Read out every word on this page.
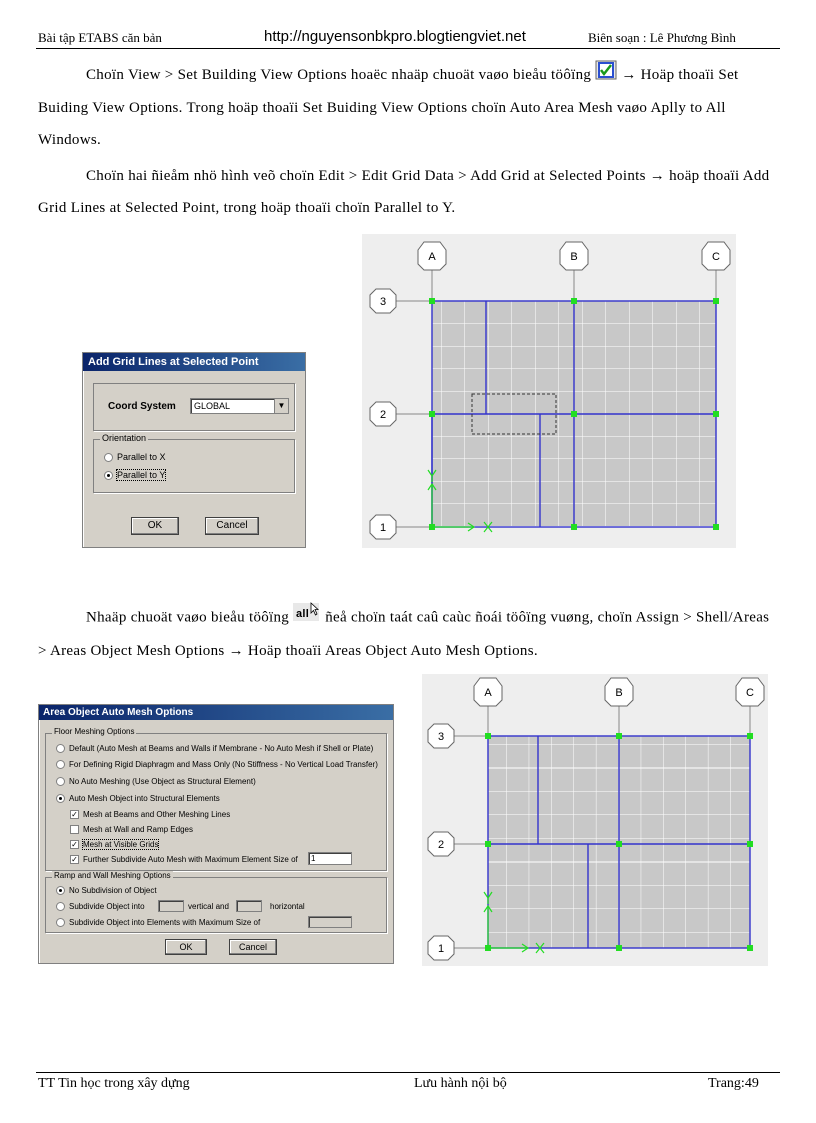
Bài tập ETABS căn bản	http://nguyensonbkpro.blogtiengviet.net	Biên soạn : Lê Phương Bình
Choïn View > Set Building View Options hoaëc nhaäp chuoät vaøo bieåu töôïng → Hoäp thoaïi Set Buiding View Options. Trong hoäp thoaïi Set Buiding View Options choïn Auto Area Mesh vaøo Aplly to All Windows.
Choïn hai ñieåm nhö hình veõ choïn Edit > Edit Grid Data > Add Grid at Selected Points → hoäp thoaïi Add Grid Lines at Selected Point, trong hoäp thoaïi choïn Parallel to Y.
Add Grid Lines at Selected Point
Coord System	GLOBAL	▼
Orientation
Parallel to X
Parallel to Y
OK	Cancel
A	B	C
3
2
1
Nhaäp chuoät vaøo bieåu töôïng all ñeå choïn taát caû caùc ñoái töôïng vuøng, choïn Assign > Shell/Areas > Areas Object Mesh Options → Hoäp thoaïi Areas Object Auto Mesh Options.
Area Object Auto Mesh Options
Floor Meshing Options
Default (Auto Mesh at Beams and Walls if Membrane - No Auto Mesh if Shell or Plate)
For Defining Rigid Diaphragm and Mass Only (No Stiffness - No Vertical Load Transfer)
No Auto Meshing (Use Object as Structural Element)
Auto Mesh Object into Structural Elements
✓ Mesh at Beams and Other Meshing Lines
Mesh at Wall and Ramp Edges
✓ Mesh at Visible Grids
✓ Further Subdivide Auto Mesh with Maximum Element Size of	1
Ramp and Wall Meshing Options
No Subdivision of Object
Subdivide Object into	vertical and	horizontal
Subdivide Object into Elements with Maximum Size of
OK	Cancel
A	B	C
3
2
1
TT Tin học trong xây dựng	Lưu hành nội bộ	Trang:49
